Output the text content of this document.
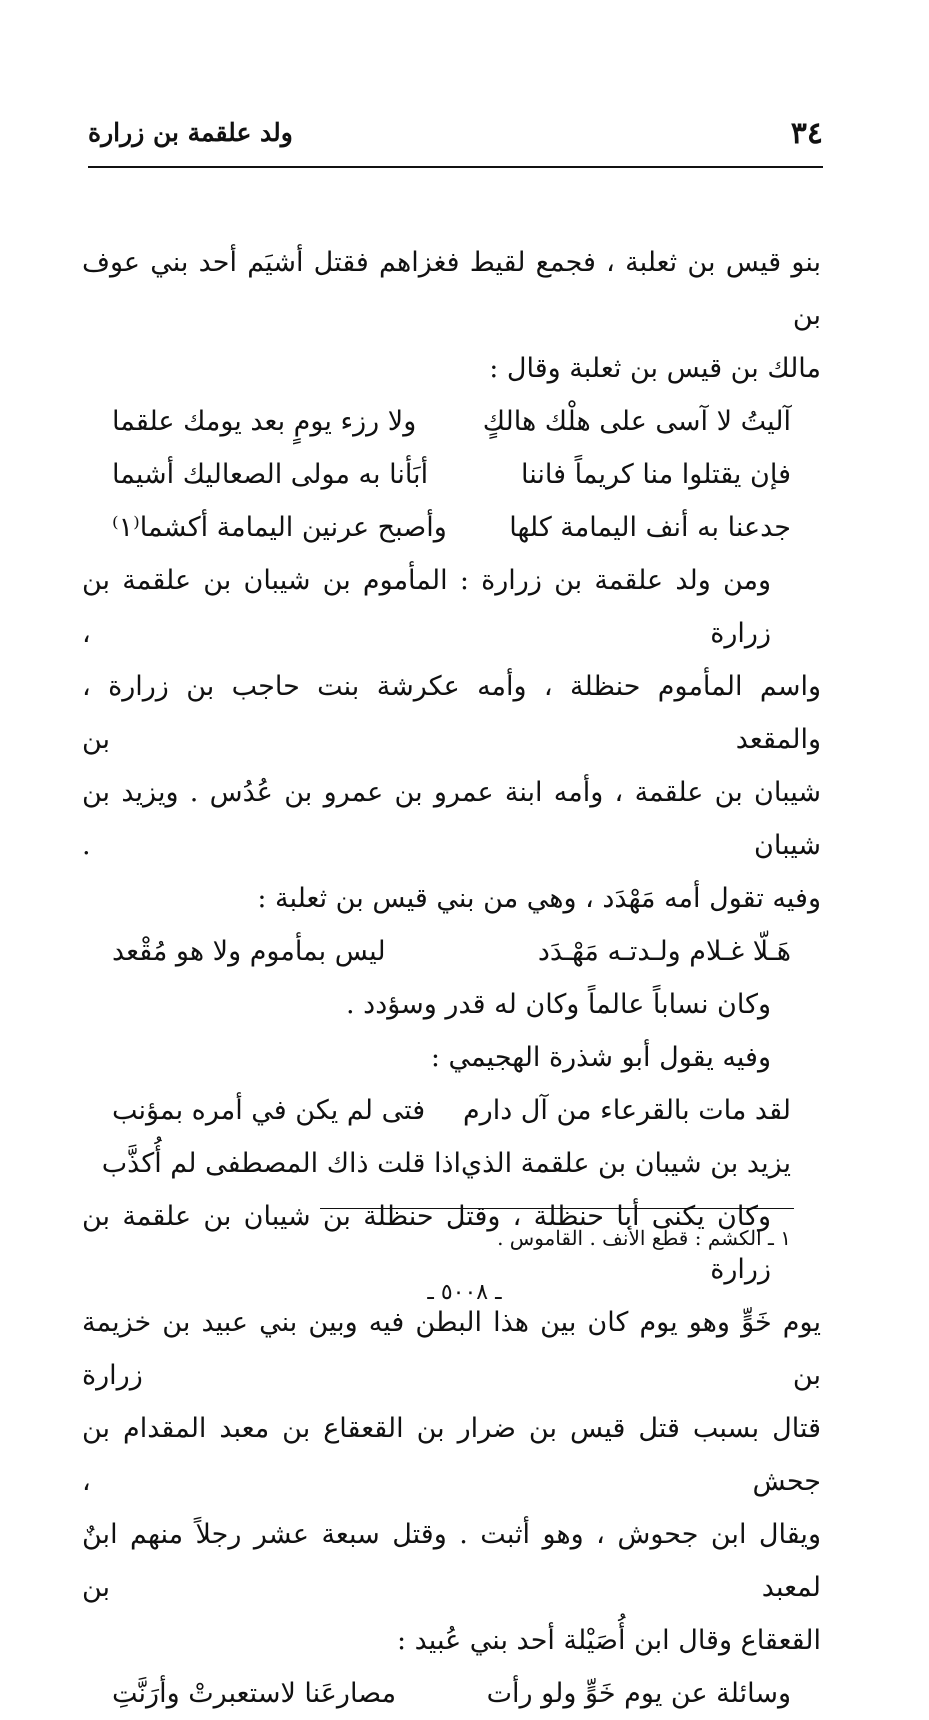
٣٤
ولد علقمة بن زرارة
بنو قيس بن ثعلبة ، فجمع لقيط فغزاهم فقتل أشيَم أحد بني عوف بن
مالك بن قيس بن ثعلبة وقال :
آليتُ لا آسى على هلْك هالكٍ
ولا رزء يومٍ بعد يومك علقما
فإن يقتلوا منا كريماً فاننا
أبَأنا به مولى الصعاليك أشيما
جدعنا به أنف اليمامة كلها
وأصبح عرنين اليمامة أكشما⁽١⁾
ومن ولد علقمة بن زرارة : المأموم بن شيبان بن علقمة بن زرارة ،
واسم المأموم حنظلة ، وأمه عكرشة بنت حاجب بن زرارة ، والمقعد بن
شيبان بن علقمة ، وأمه ابنة عمرو بن عمرو بن عُدُس . ويزيد بن شيبان .
وفيه تقول أمه مَهْدَد ، وهي من بني قيس بن ثعلبة :
هَـلّا غـلام ولـدتـه مَهْـدَد
ليس بمأموم ولا هو مُقْعد
وكان نساباً عالماً وكان له قدر وسؤدد .
وفيه يقول أبو شذرة الهجيمي :
لقد مات بالقرعاء من آل دارم
فتى لم يكن في أمره بمؤنب
يزيد بن شيبان بن علقمة الذي
اذا قلت ذاك المصطفى لم أُكذَّب
وكان يكنى أبا حنظلة ، وقتل حنظلة بن شيبان بن علقمة بن زرارة
يوم خَوٍّ وهو يوم كان بين هذا البطن فيه وبين بني عبيد بن خزيمة بن زرارة
قتال بسبب قتل قيس بن ضرار بن القعقاع بن معبد المقدام بن جحش ،
ويقال ابن جحوش ، وهو أثبت . وقتل سبعة عشر رجلاً منهم ابنٌ لمعبد بن
القعقاع وقال ابن أُصَيْلة أحد بني عُبيد :
وسائلة عن يوم خَوٍّ ولو رأت
مصارعَنا لاستعبرتْ وأرَنَّتِ
١ ـ الكشم : قطع الأنف . القاموس .
ـ ٥٠٠٨ ـ
